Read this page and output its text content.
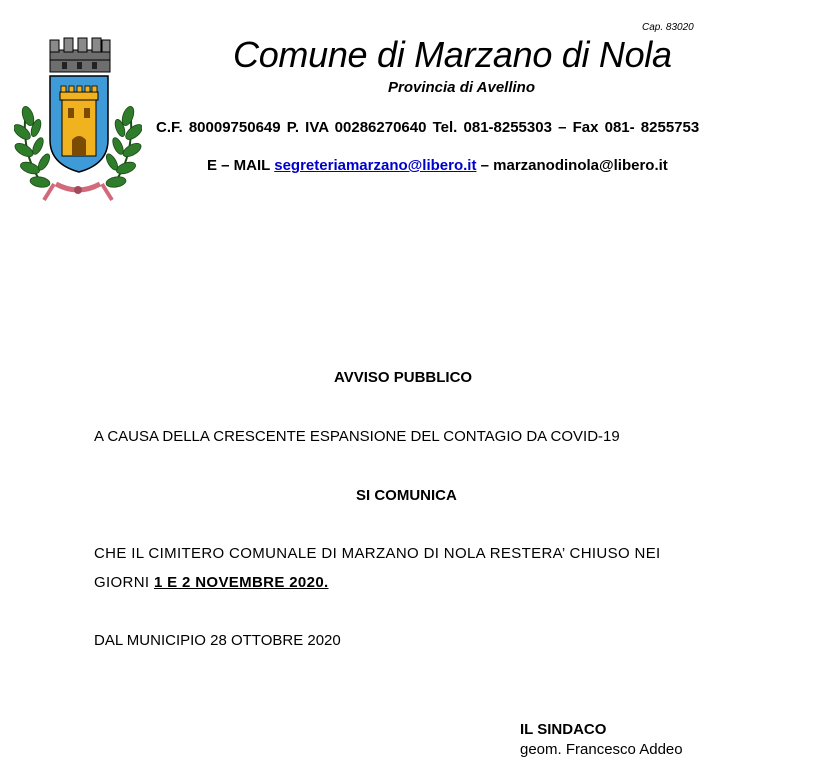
Cap. 83020
Comune di Marzano di Nola
Provincia di Avellino
C.F. 80009750649 P. IVA 00286270640 Tel. 081-8255303 – Fax 081- 8255753
E – MAIL segreteriamarzano@libero.it – marzanodinola@libero.it
AVVISO PUBBLICO
A CAUSA DELLA CRESCENTE ESPANSIONE DEL CONTAGIO DA COVID-19
SI COMUNICA
CHE IL CIMITERO COMUNALE DI MARZANO DI NOLA RESTERA’ CHIUSO NEI
GIORNI 1 E 2 NOVEMBRE 2020.
DAL MUNICIPIO 28 OTTOBRE 2020
IL SINDACO
geom. Francesco Addeo
